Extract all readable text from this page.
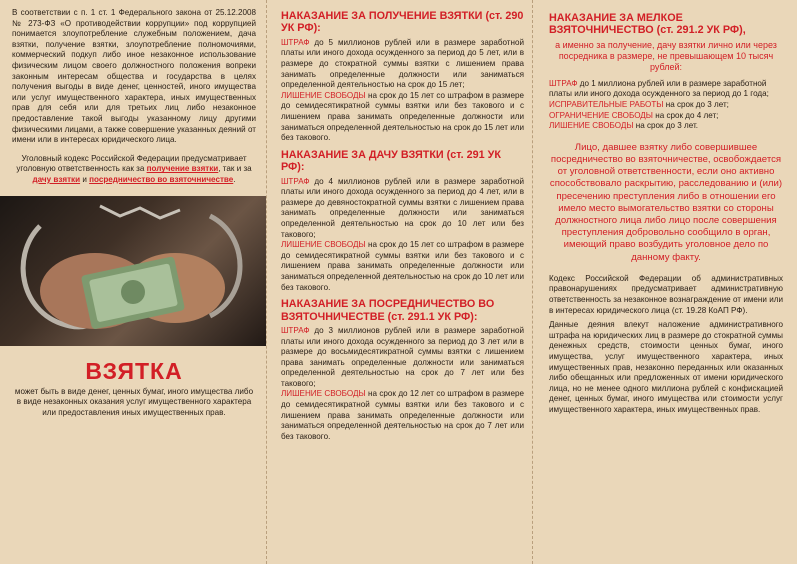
В соответствии с п. 1 ст. 1 Федерального закона от 25.12.2008 № 273-ФЗ «О противодействии коррупции» под коррупцией понимается злоупотребление служебным положением, дача взятки, получение взятки, злоупотребление полномочиями, коммерческий подкуп либо иное незаконное использование физическим лицом своего должностного положения вопреки законным интересам общества и государства в целях получения выгоды в виде денег, ценностей, иного имущества или услуг имущественного характера, иных имущественных прав для себя или для третьих лиц либо незаконное предоставление такой выгоды указанному лицу другими физическими лицами, а также совершение указанных деяний от имени или в интересах юридического лица.

Уголовный кодекс Российской Федерации предусматривает уголовную ответственность как за получение взятки, так и за дачу взятки и посредничество во взяточничестве.

ВЗЯТКА

может быть в виде денег, ценных бумаг, иного имущества либо в виде незаконных оказания услуг имущественного характера или предоставления иных имущественных прав.

НАКАЗАНИЕ ЗА ПОЛУЧЕНИЕ ВЗЯТКИ (ст. 290 УК РФ):

ШТРАФ до 5 миллионов рублей или в размере заработной платы или иного дохода осужденного за период до 5 лет, или в размере до стократной суммы взятки с лишением права занимать определенные должности или заниматься определенной деятельностью на срок до 15 лет;

ЛИШЕНИЕ СВОБОДЫ на срок до 15 лет со штрафом в размере до семидесятикратной суммы взятки или без такового и с лишением права занимать определенные должности или заниматься определенной деятельностью на срок до 15 лет или без такового.

НАКАЗАНИЕ ЗА ДАЧУ ВЗЯТКИ (ст. 291 УК РФ):

ШТРАФ до 4 миллионов рублей или в размере заработной платы или иного дохода осужденного за период до 4 лет, или в размере до девяностократной суммы взятки с лишением права занимать определенные должности или заниматься определенной деятельностью на срок до 10 лет или без такового;

ЛИШЕНИЕ СВОБОДЫ на срок до 15 лет со штрафом в размере до семидесятикратной суммы взятки или без такового и с лишением права занимать определенные должности или заниматься определенной деятельностью на срок до 10 лет или без такового.

НАКАЗАНИЕ ЗА ПОСРЕДНИЧЕСТВО ВО ВЗЯТОЧНИЧЕСТВЕ (ст. 291.1 УК РФ):

ШТРАФ до 3 миллионов рублей или в размере заработной платы или иного дохода осужденного за период до 3 лет или в размере до восьмидесятикратной суммы взятки с лишением права занимать определенные должности или заниматься определенной деятельностью на срок до 7 лет или без такового;

ЛИШЕНИЕ СВОБОДЫ на срок до 12 лет со штрафом в размере до семидесятикратной суммы взятки или без такового и с лишением права занимать определенные должности или заниматься определенной деятельностью на срок до 7 лет или без такового.

НАКАЗАНИЕ ЗА МЕЛКОЕ ВЗЯТОЧНИЧЕСТВО (ст. 291.2 УК РФ),

а именно за получение, дачу взятки лично или через посредника в размере, не превышающем 10 тысяч рублей:

ШТРАФ до 1 миллиона рублей или в размере заработной платы или иного дохода осужденного за период до 1 года;

ИСПРАВИТЕЛЬНЫЕ РАБОТЫ на срок до 3 лет;

ОГРАНИЧЕНИЕ СВОБОДЫ на срок до 4 лет;

ЛИШЕНИЕ СВОБОДЫ на срок до 3 лет.

Лицо, давшее взятку либо совершившее посредничество во взяточничестве, освобождается от уголовной ответственности, если оно активно способствовало раскрытию, расследованию и (или) пресечению преступления либо в отношении его имело место вымогательство взятки со стороны должностного лица либо лицо после совершения преступления добровольно сообщило в орган, имеющий право возбудить уголовное дело по данному факту.

Кодекс Российской Федерации об административных правонарушениях предусматривает административную ответственность за незаконное вознаграждение от имени или в интересах юридического лица (ст. 19.28 КоАП РФ).

Данные деяния влекут наложение административного штрафа на юридических лиц в размере до стократной суммы денежных средств, стоимости ценных бумаг, иного имущества, услуг имущественного характера, иных имущественных прав, незаконно переданных или оказанных либо обещанных или предложенных от имени юридического лица, но не менее одного миллиона рублей с конфискацией денег, ценных бумаг, иного имущества или стоимости услуг имущественного характера, иных имущественных прав.
